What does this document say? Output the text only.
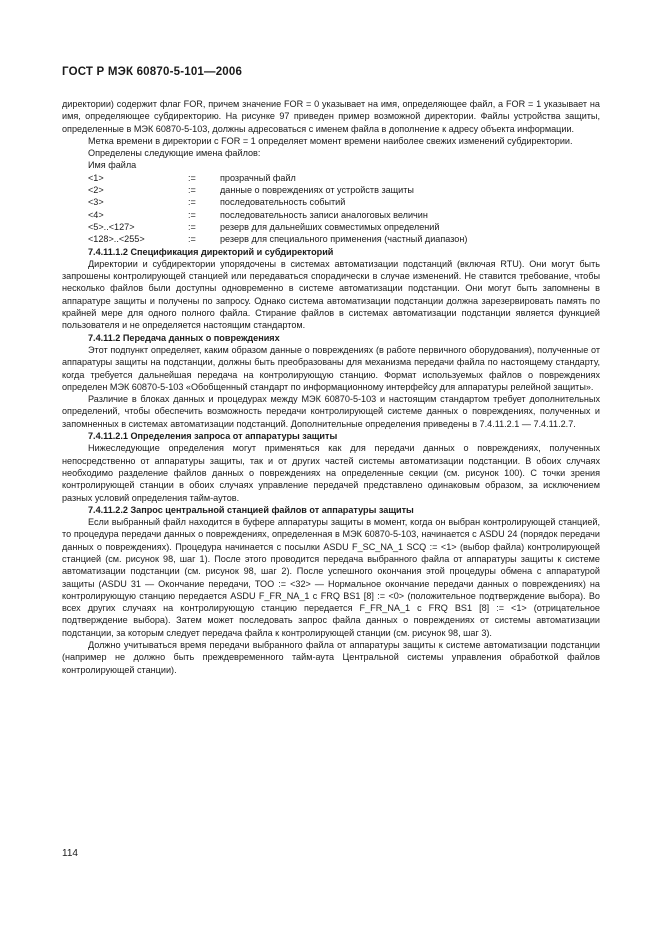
ГОСТ Р МЭК 60870-5-101—2006

директории) содержит флаг FOR, причем значение FOR = 0 указывает на имя, определяющее файл, а FOR = 1 указывает на имя, определяющее субдиректорию. На рисунке 97 приведен пример возможной директории. Файлы устройства защиты, определенные в МЭК 60870-5-103, должны адресоваться с именем файла в дополнение к адресу объекта информации.

Метка времени в директории с FOR = 1 определяет момент времени наиболее свежих изменений субдиректории.

Определены следующие имена файлов:

Имя файла
<1>	:=	прозрачный файл
<2>	:=	данные о повреждениях от устройств защиты
<3>	:=	последовательность событий
<4>	:=	последовательность записи аналоговых величин
<5>..<127>	:=	резерв для дальнейших совместимых определений
<128>..<255>	:=	резерв для специального применения (частный диапазон)
7.4.11.1.2 Спецификация директорий и субдиректорий

Директории и субдиректории упорядочены в системах автоматизации подстанций (включая RTU). Они могут быть запрошены контролирующей станцией или передаваться спорадически в случае изменений. Не ставится требование, чтобы несколько файлов были доступны одновременно в системе автоматизации подстанции. Они могут быть запомнены в аппаратуре защиты и получены по запросу. Однако система автоматизации подстанции должна зарезервировать память по крайней мере для одного полного файла. Стирание файлов в системах автоматизации подстанции является функцией пользователя и не определяется настоящим стандартом.

7.4.11.2 Передача данных о повреждениях

Этот подпункт определяет, каким образом данные о повреждениях (в работе первичного оборудования), полученные от аппаратуры защиты на подстанции, должны быть преобразованы для механизма передачи файла по настоящему стандарту, когда требуется дальнейшая передача на контролирующую станцию. Формат используемых файлов о повреждениях определен МЭК 60870-5-103 «Обобщенный стандарт по информационному интерфейсу для аппаратуры релейной защиты».

Различие в блоках данных и процедурах между МЭК 60870-5-103 и настоящим стандартом требует дополнительных определений, чтобы обеспечить возможность передачи контролирующей системе данных о повреждениях, полученных и запомненных в системах автоматизации подстанций. Дополнительные определения приведены в 7.4.11.2.1 — 7.4.11.2.7.

7.4.11.2.1 Определения запроса от аппаратуры защиты

Нижеследующие определения могут применяться как для передачи данных о повреждениях, полученных непосредственно от аппаратуры защиты, так и от других частей системы автоматизации подстанции. В обоих случаях необходимо разделение файлов данных о повреждениях на определенные секции (см. рисунок 100). С точки зрения контролирующей станции в обоих случаях управление передачей представлено одинаковым образом, за исключением разных условий определения тайм-аутов.

7.4.11.2.2 Запрос центральной станцией файлов от аппаратуры защиты

Если выбранный файл находится в буфере аппаратуры защиты в момент, когда он выбран контролирующей станцией, то процедура передачи данных о повреждениях, определенная в МЭК 60870-5-103, начинается с ASDU 24 (порядок передачи данных о повреждениях). Процедура начинается с посылки ASDU F_SC_NA_1 SCQ := <1> (выбор файла) контролирующей станцией (см. рисунок 98, шаг 1). После этого проводится передача выбранного файла от аппаратуры защиты к системе автоматизации подстанции (см. рисунок 98, шаг 2). После успешного окончания этой процедуры обмена с аппаратурой защиты (ASDU 31 — Окончание передачи, ТОО := <32> — Нормальное окончание передачи данных о повреждениях) на контролирующую станцию передается ASDU F_FR_NA_1 с FRQ BS1 [8] := <0> (положительное подтверждение выбора). Во всех других случаях на контролирующую станцию передается F_FR_NA_1 с FRQ BS1 [8] := <1> (отрицательное подтверждение выбора). Затем может последовать запрос файла данных о повреждениях от системы автоматизации подстанции, за которым следует передача файла к контролирующей станции (см. рисунок 98, шаг 3).

Должно учитываться время передачи выбранного файла от аппаратуры защиты к системе автоматизации подстанции (например не должно быть преждевременного тайм-аута Центральной системы управления обработкой файлов контролирующей станции).

114
